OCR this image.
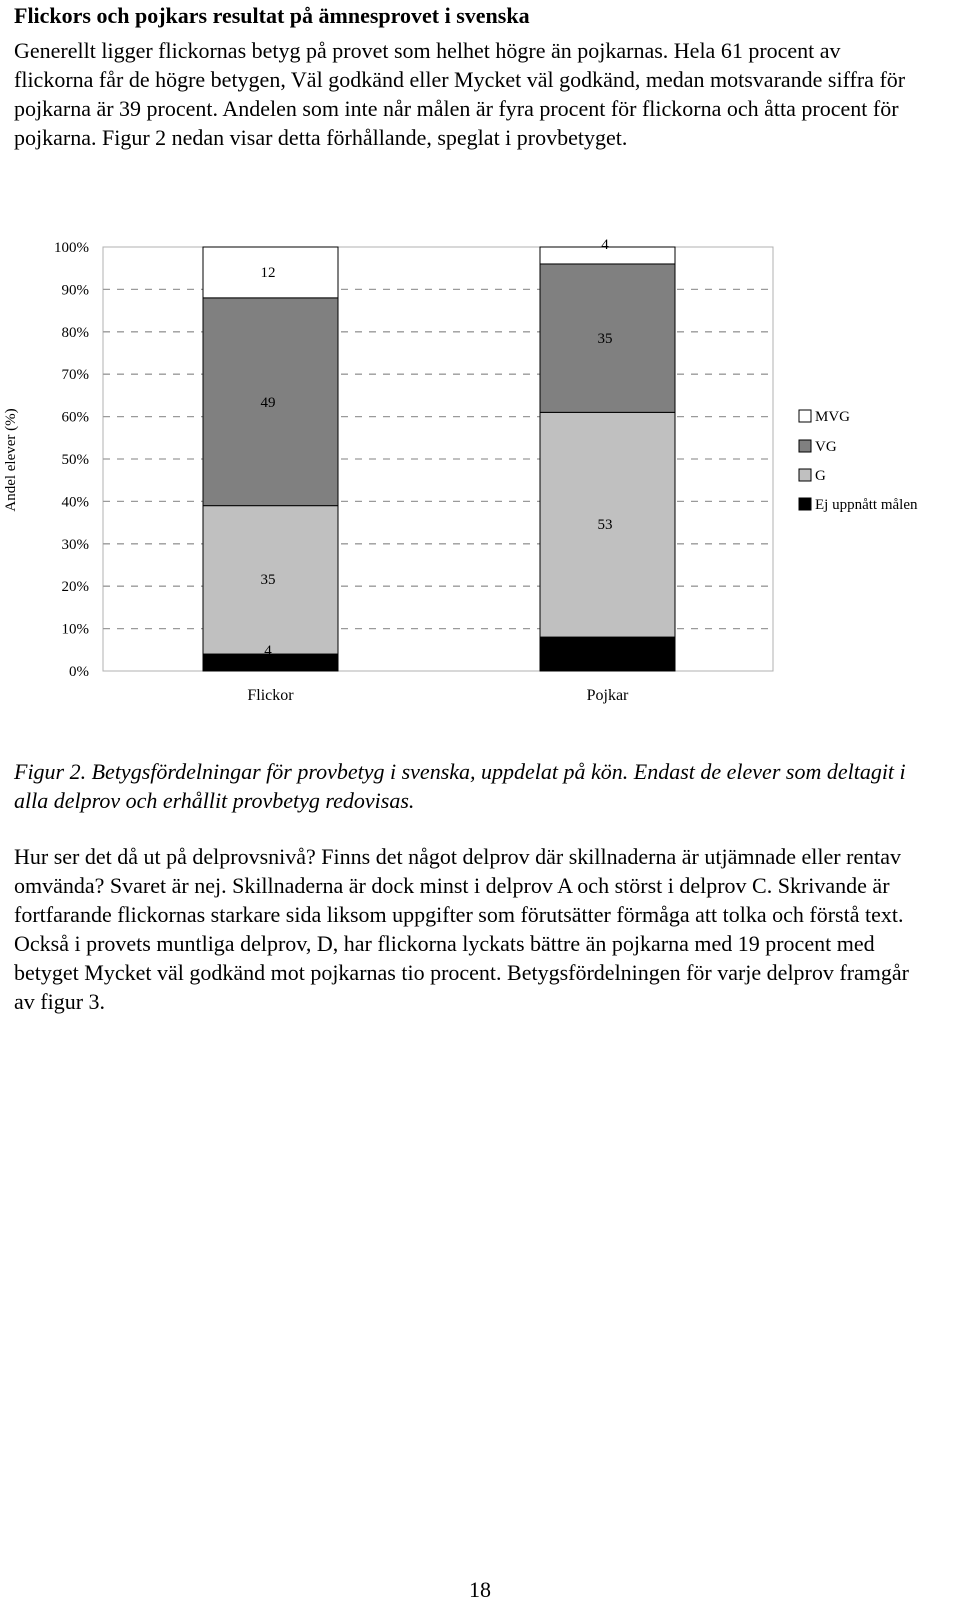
Flickors och pojkars resultat på ämnesprovet i svenska

Generellt ligger flickornas betyg på provet som helhet högre än pojkarnas. Hela 61 procent av flickorna får de högre betygen, Väl godkänd eller Mycket väl godkänd, medan motsvarande siffra för pojkarna är 39 procent. Andelen som inte når målen är fyra procent för flickorna och åtta procent för pojkarna. Figur 2 nedan visar detta förhållande, speglat i provbetyget.

0%
10%
20%
30%
40%
50%
60%
70%
80%
90%
100%
Andel elever (%)
Flickor	Pojkar
4
35
49
12
8
53
35
4
MVG
VG
G
Ej uppnått målen

Figur 2. Betygsfördelningar för provbetyg i svenska, uppdelat på kön. Endast de elever som deltagit i alla delprov och erhållit provbetyg redovisas.

Hur ser det då ut på delprovsnivå? Finns det något delprov där skillnaderna är utjämnade eller rentav omvända? Svaret är nej. Skillnaderna är dock minst i delprov A och störst i delprov C. Skrivande är fortfarande flickornas starkare sida liksom uppgifter som förutsätter förmåga att tolka och förstå text. Också i provets muntliga delprov, D, har flickorna lyckats bättre än pojkarna med 19 procent med betyget Mycket väl godkänd mot pojkarnas tio procent. Betygsfördelningen för varje delprov framgår av figur 3.

18
